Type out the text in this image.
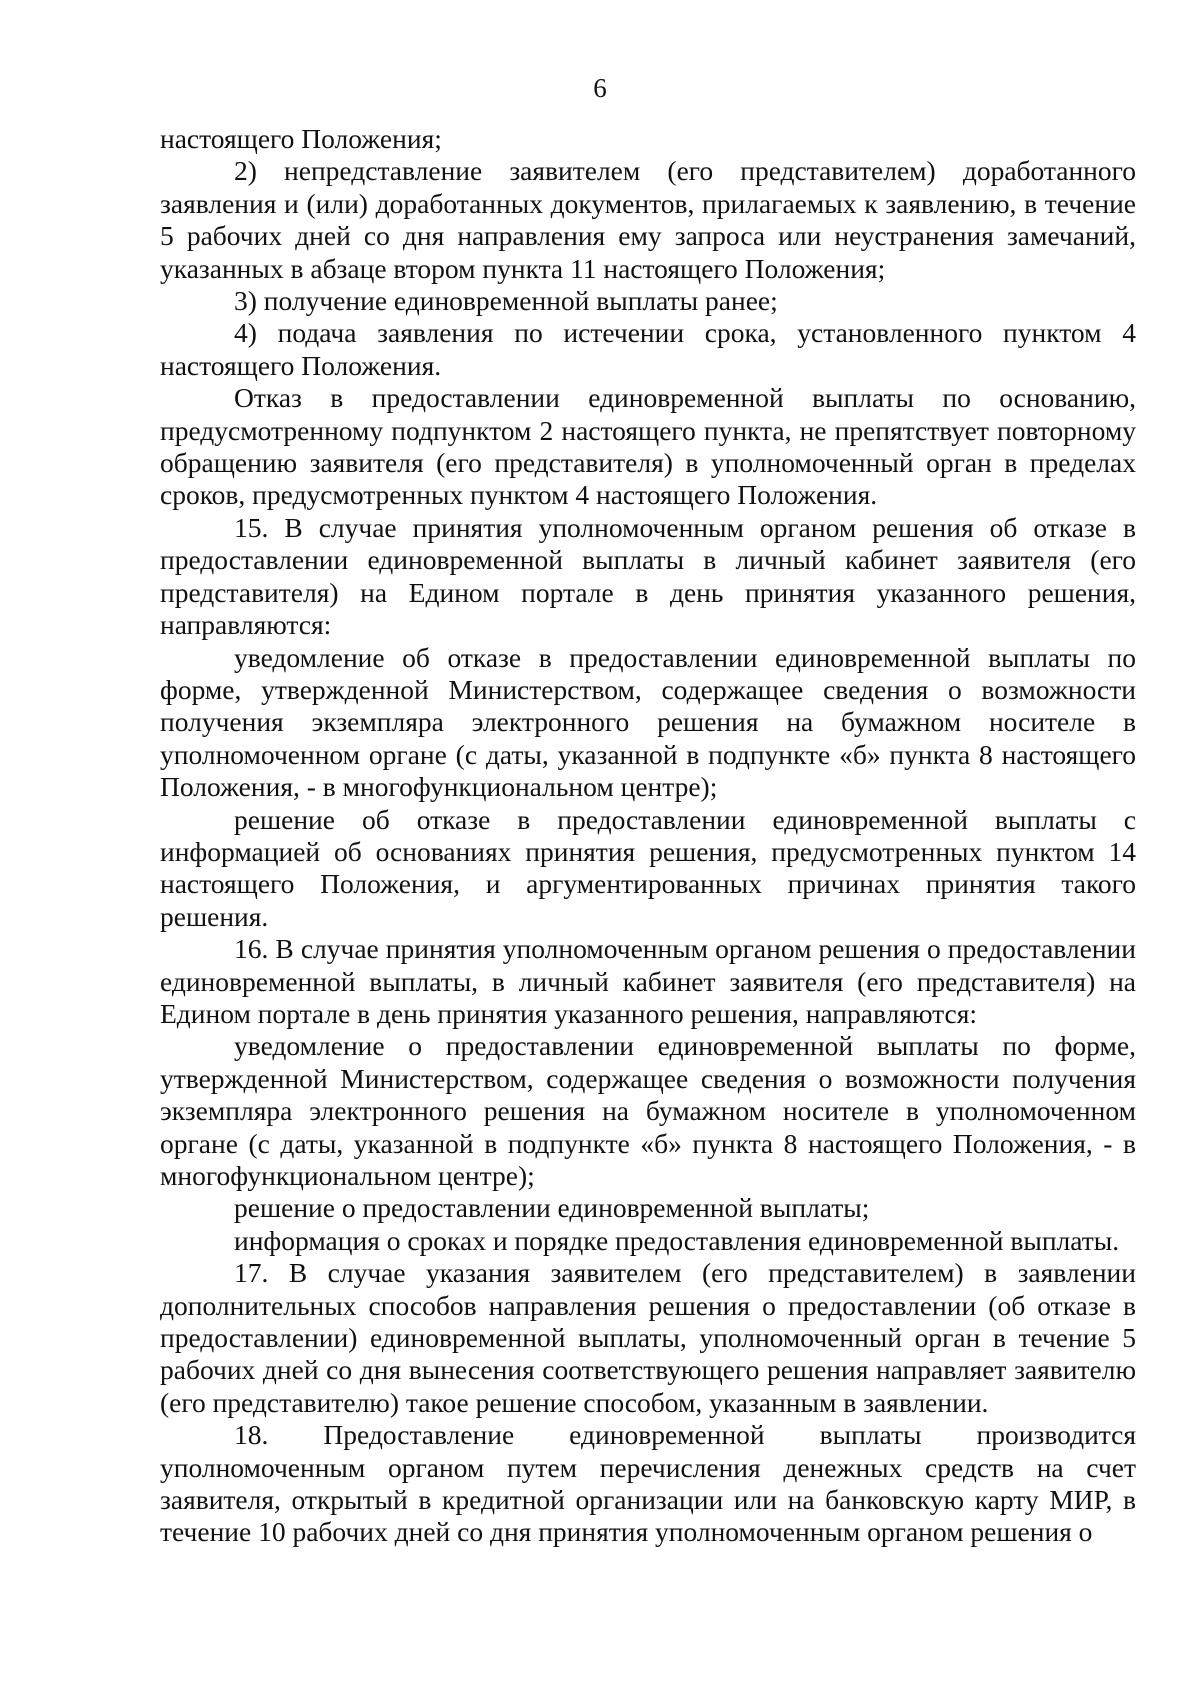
6

настоящего Положения;

2) непредставление заявителем (его представителем) доработанного заявления и (или) доработанных документов, прилагаемых к заявлению, в течение 5 рабочих дней со дня направления ему запроса или неустранения замечаний, указанных в абзаце втором пункта 11 настоящего Положения;

3) получение единовременной выплаты ранее;

4) подача заявления по истечении срока, установленного пунктом 4 настоящего Положения.

Отказ в предоставлении единовременной выплаты по основанию, предусмотренному подпунктом 2 настоящего пункта, не препятствует повторному обращению заявителя (его представителя) в уполномоченный орган в пределах сроков, предусмотренных пунктом 4 настоящего Положения.

15. В случае принятия уполномоченным органом решения об отказе в предоставлении единовременной выплаты в личный кабинет заявителя (его представителя) на Едином портале в день принятия указанного решения, направляются:

уведомление об отказе в предоставлении единовременной выплаты по форме, утвержденной Министерством, содержащее сведения о возможности получения экземпляра электронного решения на бумажном носителе в уполномоченном органе (с даты, указанной в подпункте «б» пункта 8 настоящего Положения, - в многофункциональном центре);

решение об отказе в предоставлении единовременной выплаты с информацией об основаниях принятия решения, предусмотренных пунктом 14 настоящего Положения, и аргументированных причинах принятия такого решения.

16. В случае принятия уполномоченным органом решения о предоставлении единовременной выплаты, в личный кабинет заявителя (его представителя) на Едином портале в день принятия указанного решения, направляются:

уведомление о предоставлении единовременной выплаты по форме, утвержденной Министерством, содержащее сведения о возможности получения экземпляра электронного решения на бумажном носителе в уполномоченном органе (с даты, указанной в подпункте «б» пункта 8 настоящего Положения, - в многофункциональном центре);

решение о предоставлении единовременной выплаты;

информация о сроках и порядке предоставления единовременной выплаты.

17. В случае указания заявителем (его представителем) в заявлении дополнительных способов направления решения о предоставлении (об отказе в предоставлении) единовременной выплаты, уполномоченный орган в течение 5 рабочих дней со дня вынесения соответствующего решения направляет заявителю (его представителю) такое решение способом, указанным в заявлении.

18. Предоставление единовременной выплаты производится уполномоченным органом путем перечисления денежных средств на счет заявителя, открытый в кредитной организации или на банковскую карту МИР, в течение 10 рабочих дней со дня принятия уполномоченным органом решения о
